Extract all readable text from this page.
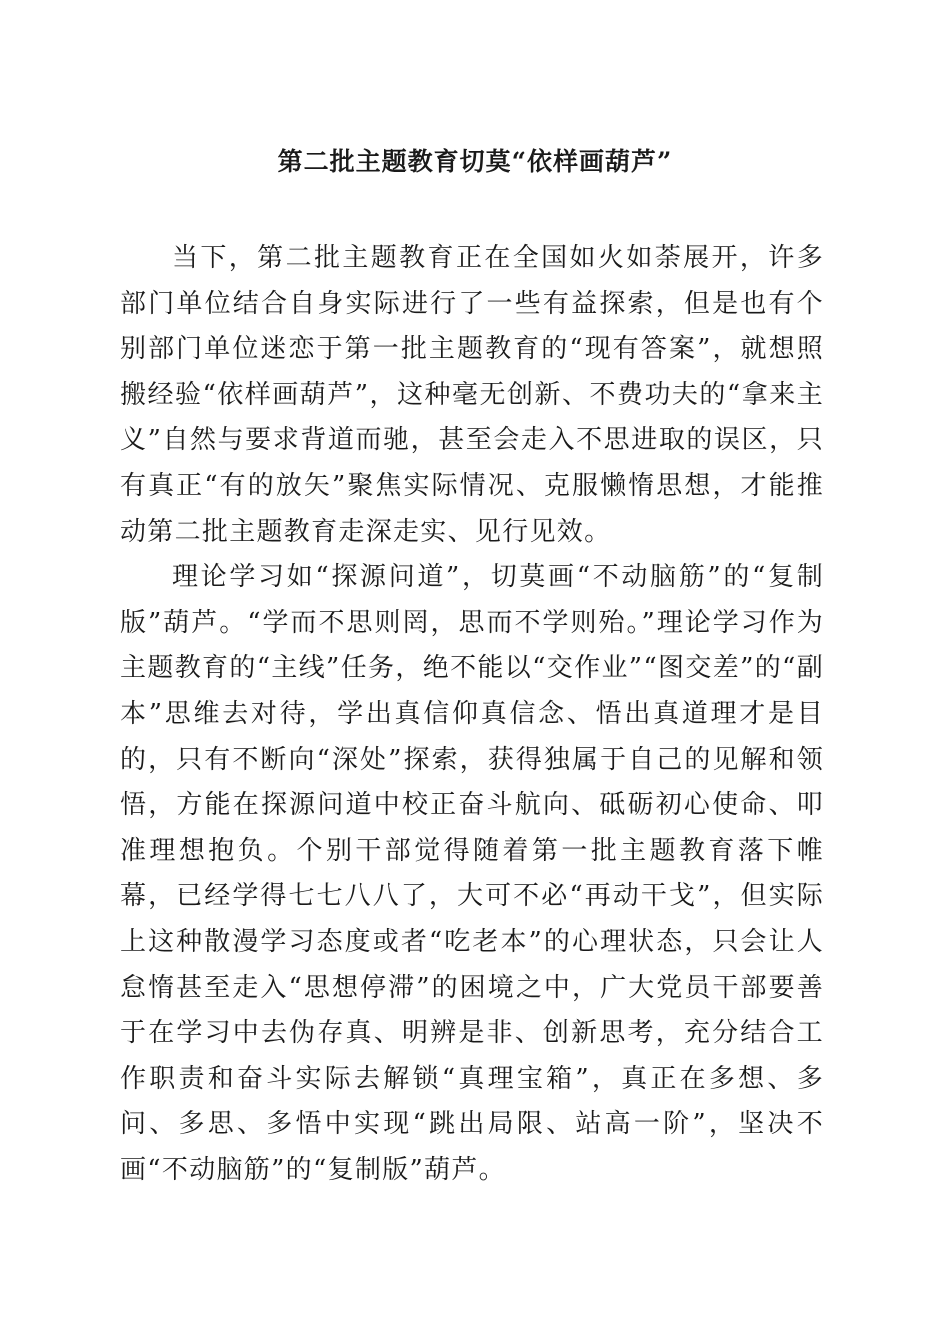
第二批主题教育切莫“依样画葫芦”

当下，第二批主题教育正在全国如火如荼展开，许多部门单位结合自身实际进行了一些有益探索，但是也有个别部门单位迷恋于第一批主题教育的“现有答案”，就想照搬经验“依样画葫芦”，这种毫无创新、不费功夫的“拿来主义”自然与要求背道而驰，甚至会走入不思进取的误区，只有真正“有的放矢”聚焦实际情况、克服懒惰思想，才能推动第二批主题教育走深走实、见行见效。

理论学习如“探源问道”，切莫画“不动脑筋”的“复制版”葫芦。“学而不思则罔，思而不学则殆。”理论学习作为主题教育的“主线”任务，绝不能以“交作业”“图交差”的“副本”思维去对待，学出真信仰真信念、悟出真道理才是目的，只有不断向“深处”探索，获得独属于自己的见解和领悟，方能在探源问道中校正奋斗航向、砥砺初心使命、叩准理想抱负。个别干部觉得随着第一批主题教育落下帷幕，已经学得七七八八了，大可不必“再动干戈”，但实际上这种散漫学习态度或者“吃老本”的心理状态，只会让人怠惰甚至走入“思想停滞”的困境之中，广大党员干部要善于在学习中去伪存真、明辨是非、创新思考，充分结合工作职责和奋斗实际去解锁“真理宝箱”，真正在多想、多问、多思、多悟中实现“跳出局限、站高一阶”，坚决不画“不动脑筋”的“复制版”葫芦。
